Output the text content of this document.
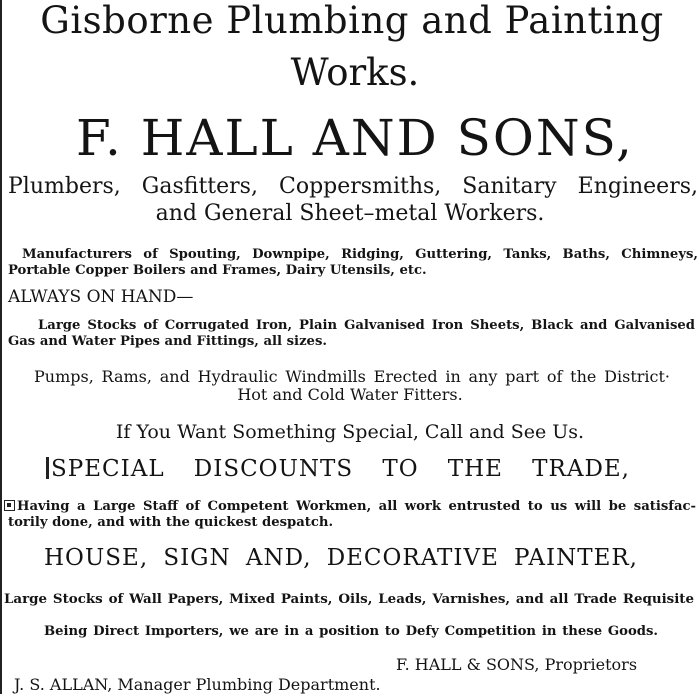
Gisborne Plumbing and Painting
Works.
F. HALL AND SONS,
Plumbers, Gasfitters, Coppersmiths, Sanitary Engineers,
and General Sheet–metal Workers.
Manufacturers of Spouting, Downpipe, Ridging, Guttering, Tanks, Baths, Chimneys,
Portable Copper Boilers and Frames, Dairy Utensils, etc.
ALWAYS ON HAND—
Large Stocks of Corrugated Iron, Plain Galvanised Iron Sheets, Black and Galvanised
Gas and Water Pipes and Fittings, all sizes.
Pumps, Rams, and Hydraulic Windmills Erected in any part of the District·
Hot and Cold Water Fitters.
If You Want Something Special, Call and See Us.
SPECIAL DISCOUNTS TO THE TRADE,
Having a Large Staff of Competent Workmen, all work entrusted to us will be satisfac-
torily done, and with the quickest despatch.
HOUSE, SIGN AND, DECORATIVE PAINTER,
Large Stocks of Wall Papers, Mixed Paints, Oils, Leads, Varnishes, and all Trade Requisite
Being Direct Importers, we are in a position to Defy Competition in these Goods.
F. HALL & SONS, Proprietors
J. S. ALLAN, Manager Plumbing Department.
